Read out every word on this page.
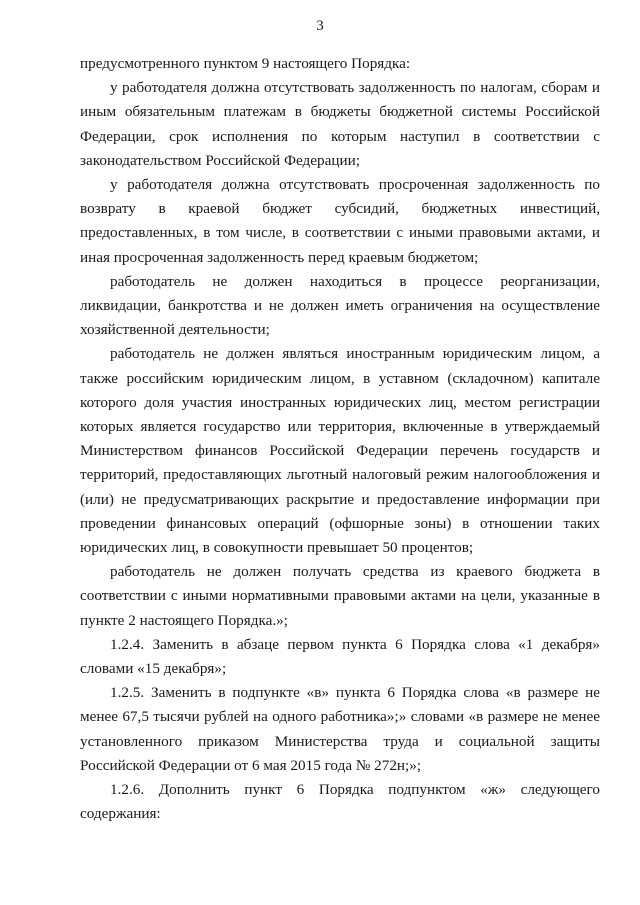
3

предусмотренного пунктом 9 настоящего Порядка:

у работодателя должна отсутствовать задолженность по налогам, сборам и иным обязательным платежам в бюджеты бюджетной системы Российской Федерации, срок исполнения по которым наступил в соответствии с законодательством Российской Федерации;

у работодателя должна отсутствовать просроченная задолженность по возврату в краевой бюджет субсидий, бюджетных инвестиций, предоставленных, в том числе, в соответствии с иными правовыми актами, и иная просроченная задолженность перед краевым бюджетом;

работодатель не должен находиться в процессе реорганизации, ликвидации, банкротства и не должен иметь ограничения на осуществление хозяйственной деятельности;

работодатель не должен являться иностранным юридическим лицом, а также российским юридическим лицом, в уставном (складочном) капитале которого доля участия иностранных юридических лиц, местом регистрации которых является государство или территория, включенные в утверждаемый Министерством финансов Российской Федерации перечень государств и территорий, предоставляющих льготный налоговый режим налогообложения и (или) не предусматривающих раскрытие и предоставление информации при проведении финансовых операций (офшорные зоны) в отношении таких юридических лиц, в совокупности превышает 50 процентов;

работодатель не должен получать средства из краевого бюджета в соответствии с иными нормативными правовыми актами на цели, указанные в пункте 2 настоящего Порядка.»;

1.2.4. Заменить в абзаце первом пункта 6 Порядка слова «1 декабря» словами «15 декабря»;

1.2.5. Заменить в подпункте «в» пункта 6 Порядка слова «в размере не менее 67,5 тысячи рублей на одного работника»;» словами «в размере не менее установленного приказом Министерства труда и социальной защиты Российской Федерации от 6 мая 2015 года № 272н;»;

1.2.6. Дополнить пункт 6 Порядка подпунктом «ж» следующего содержания:
